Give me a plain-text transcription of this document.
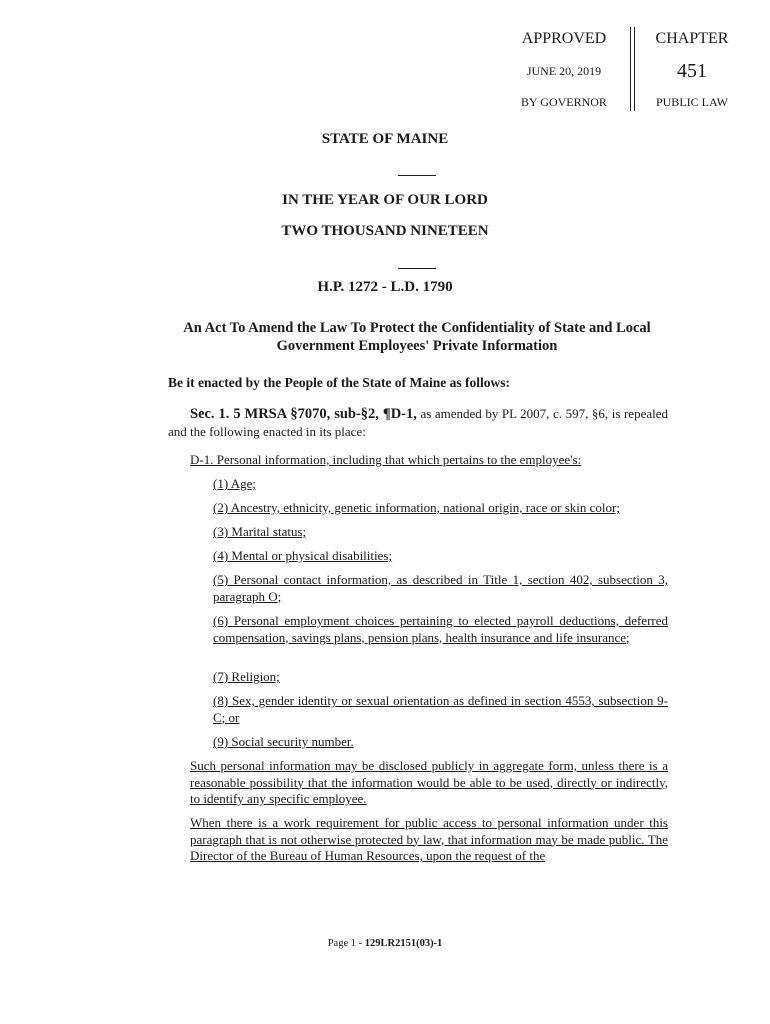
APPROVED
JUNE 20, 2019
BY GOVERNOR
CHAPTER
451
PUBLIC LAW
STATE OF MAINE
IN THE YEAR OF OUR LORD
TWO THOUSAND NINETEEN
H.P. 1272 - L.D. 1790
An Act To Amend the Law To Protect the Confidentiality of State and Local Government Employees' Private Information
Be it enacted by the People of the State of Maine as follows:
Sec. 1. 5 MRSA §7070, sub-§2, ¶D-1, as amended by PL 2007, c. 597, §6, is repealed and the following enacted in its place:

D-1. Personal information, including that which pertains to the employee's:

(1) Age;

(2) Ancestry, ethnicity, genetic information, national origin, race or skin color;

(3) Marital status;

(4) Mental or physical disabilities;

(5) Personal contact information, as described in Title 1, section 402, subsection 3, paragraph O;

(6) Personal employment choices pertaining to elected payroll deductions, deferred compensation, savings plans, pension plans, health insurance and life insurance;

(7) Religion;

(8) Sex, gender identity or sexual orientation as defined in section 4553, subsection 9-C; or

(9) Social security number.

Such personal information may be disclosed publicly in aggregate form, unless there is a reasonable possibility that the information would be able to be used, directly or indirectly, to identify any specific employee.

When there is a work requirement for public access to personal information under this paragraph that is not otherwise protected by law, that information may be made public. The Director of the Bureau of Human Resources, upon the request of the

Page 1 - 129LR2151(03)-1
